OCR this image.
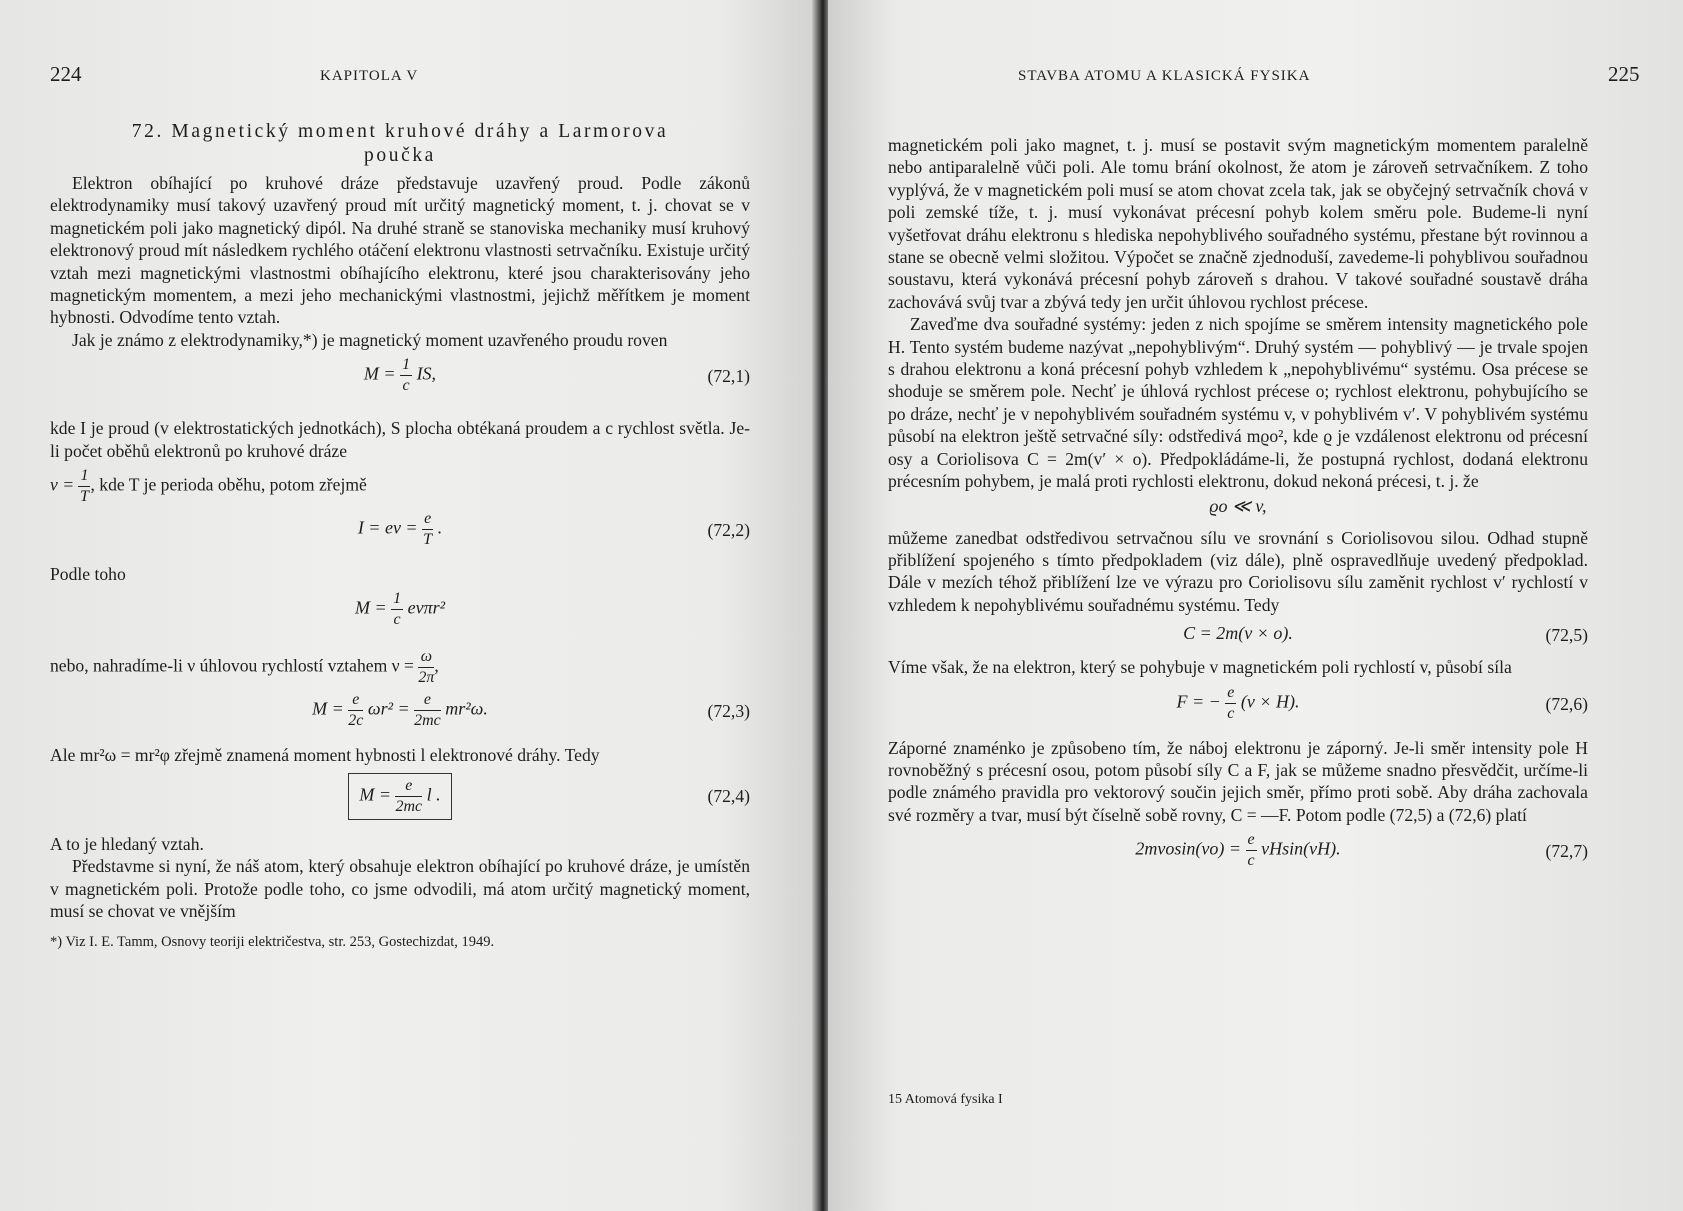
224	KAPITOLA V
72. Magnetický moment kruhové dráhy a Larmorova
poučka

Elektron obíhající po kruhové dráze představuje uzavřený proud. Podle zákonů elektrodynamiky musí takový uzavřený proud mít určitý magnetický moment, t. j. chovat se v magnetickém poli jako magnetický dipól. Na druhé straně se stanoviska mechaniky musí kruhový elektronový proud mít následkem rychlého otáčení elektronu vlastnosti setrvačníku. Existuje určitý vztah mezi magnetickými vlastnostmi obíhajícího elektronu, které jsou charakterisovány jeho magnetickým momentem, a mezi jeho mechanickými vlastnostmi, jejichž měřítkem je moment hybnosti. Odvodíme tento vztah.

Jak je známo z elektrodynamiky,*) je magnetický moment uzavřeného proudu roven

$M = \frac{1}{c}$ IS,	(72,1)

kde I je proud (v elektrostatických jednotkách), S plocha obtékaná proudem a c rychlost světla. Je-li počet oběhů elektronů po kruhové dráze

$\nu = \frac{1}{T}$ , kde T je perioda oběhu, potom zřejmě

$I = e\nu = \frac{e}{T}$ .	(72,2)

Podle toho

$M = \frac{1}{c} e\nu\pi r^2$

nebo, nahradíme-li ν úhlovou rychlostí vztahem $\nu = \frac{\omega}{2\pi}$ ,

$M = \frac{e}{2c} \omega r^2 = \frac{e}{2mc} mr^2\omega$.	(72,3)

Ale mr²ω = mr²φ zřejmě znamená moment hybnosti l elektronové dráhy. Tedy

$M = \frac{e}{2mc}$ l .	(72,4)

A to je hledaný vztah.

Představme si nyní, že náš atom, který obsahuje elektron obíhající po kruhové dráze, je umístěn v magnetickém poli. Protože podle toho, co jsme odvodili, má atom určitý magnetický moment, musí se chovat ve vnějším

*) Viz I. E. Tamm, Osnovy teoriji električestva, str. 253, Gostechizdat, 1949.
STAVBA ATOMU A KLASICKÁ FYSIKA	225

magnetickém poli jako magnet, t. j. musí se postavit svým magnetickým momentem paralelně nebo antiparalelně vůči poli. Ale tomu brání okolnost, že atom je zároveň setrvačníkem. Z toho vyplývá, že v magnetickém poli musí se atom chovat zcela tak, jak se obyčejný setrvačník chová v poli zemské tíže, t. j. musí vykonávat précesní pohyb kolem směru pole. Budeme-li nyní vyšetřovat dráhu elektronu s hlediska nepohyblivého souřadného systému, přestane být rovinnou a stane se obecně velmi složitou. Výpočet se značně zjednoduší, zavedeme-li pohyblivou souřadnou soustavu, která vykonává précesní pohyb zároveň s drahou. V takové souřadné soustavě dráha zachovává svůj tvar a zbývá tedy jen určit úhlovou rychlost précese.

Zaveďme dva souřadné systémy: jeden z nich spojíme se směrem intensity magnetického pole H. Tento systém budeme nazývat „nepohyblivým“. Druhý systém — pohyblivý — je trvale spojen s drahou elektronu a koná précesní pohyb vzhledem k „nepohyblivému“ systému. Osa précese se shoduje se směrem pole. Nechť je úhlová rychlost précese o; rychlost elektronu, pohybujícího se po dráze, nechť je v nepohyblivém souřadném systému v, v pohyblivém v′. V pohyblivém systému působí na elektron ještě setrvačné síly: odstředivá mϱo², kde ϱ je vzdálenost elektronu od précesní osy a Coriolisova C = 2m(v′ × o). Předpokládáme-li, že postupná rychlost, dodaná elektronu précesním pohybem, je malá proti rychlosti elektronu, dokud nekoná précesi, t. j. že

ϱo ≪ v,

můžeme zanedbat odstředivou setrvačnou sílu ve srovnání s Coriolisovou silou. Odhad stupně přiblížení spojeného s tímto předpokladem (viz dále), plně ospravedlňuje uvedený předpoklad. Dále v mezích téhož přiblížení lze ve výrazu pro Coriolisovu sílu zaměnit rychlost v′ rychlostí v vzhledem k nepohyblivému souřadnému systému. Tedy

C = 2m(v × o).	(72,5)

Víme však, že na elektron, který se pohybuje v magnetickém poli rychlostí v, působí síla

F = − $\frac{e}{c} (v \times H)$.	(72,6)

Záporné znaménko je způsobeno tím, že náboj elektronu je záporný. Je-li směr intensity pole H rovnoběžný s précesní osou, potom působí síly C a F, jak se můžeme snadno přesvědčit, určíme-li podle známého pravidla pro vektorový součin jejich směr, přímo proti sobě. Aby dráha zachovala své rozměry a tvar, musí být číselně sobě rovny, C = —F. Potom podle (72,5) a (72,6) platí

$2mvosin(vo) = \frac{e}{c} vHsin(vH)$.	(72,7)
15 Atomová fysika I
